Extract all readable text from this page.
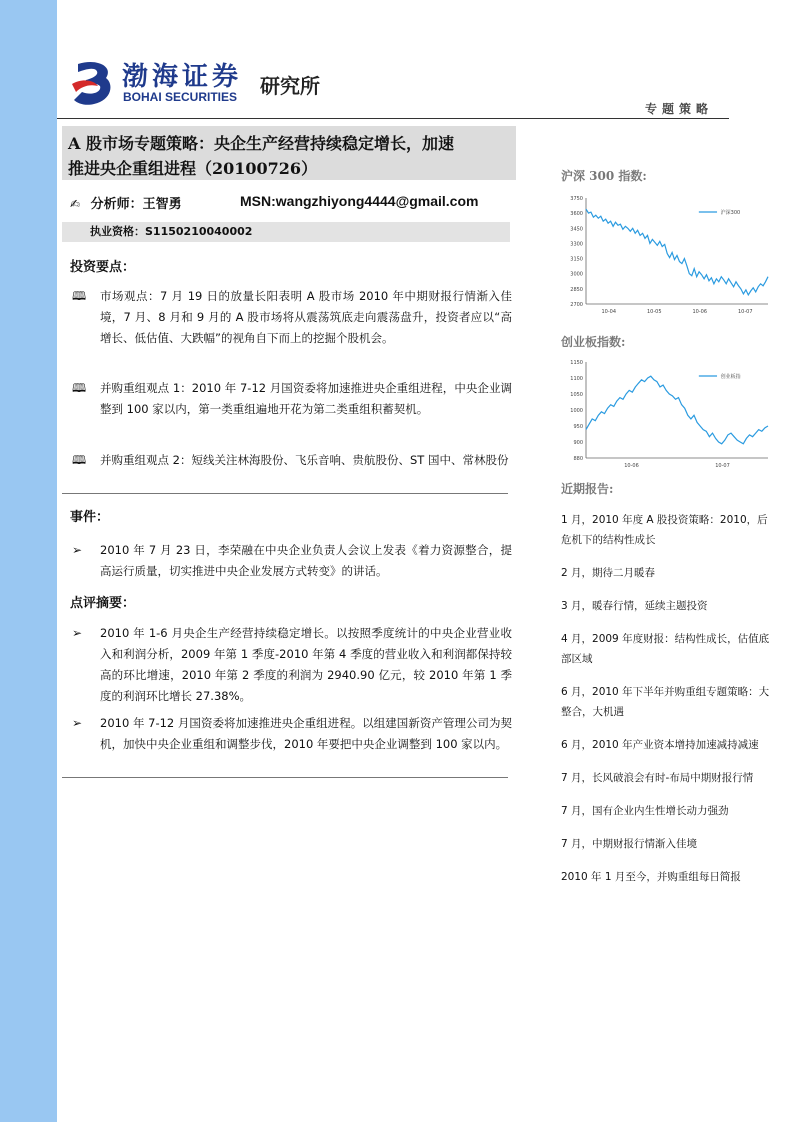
渤海证券
BOHAI SECURITIES 研究所
专题策略
A 股市场专题策略：央企生产经营持续稳定增长，加速
推进央企重组进程（20100726）
✍ 分析师：王智勇	MSN:wangzhiyong4444@gmail.com
执业资格：S1150210040002
投资要点：
🕮 市场观点：7 月 19 日的放量长阳表明 A 股市场 2010 年中期财报行情渐入佳境，7 月、8 月和 9 月的 A 股市场将从震荡筑底走向震荡盘升，投资者应以“高增长、低估值、大跌幅”的视角自下而上的挖掘个股机会。
🕮 并购重组观点 1：2010 年 7-12 月国资委将加速推进央企重组进程，中央企业调整到 100 家以内，第一类重组遍地开花为第二类重组积蓄契机。
🕮 并购重组观点 2：短线关注林海股份、飞乐音响、贵航股份、ST 国中、常林股份
事件：
➢ 2010 年 7 月 23 日，李荣融在中央企业负责人会议上发表《着力资源整合，提高运行质量，切实推进中央企业发展方式转变》的讲话。
点评摘要：
➢ 2010 年 1-6 月央企生产经营持续稳定增长。以按照季度统计的中央企业营业收入和利润分析，2009 年第 1 季度-2010 年第 4 季度的营业收入和利润都保持较高的环比增速，2010 年第 2 季度的利润为 2940.90 亿元，较 2010 年第 1 季度的利润环比增长 27.38%。
➢ 2010 年 7-12 月国资委将加速推进央企重组进程。以组建国新资产管理公司为契机，加快中央企业重组和调整步伐，2010 年要把中央企业调整到 100 家以内。
沪深 300 指数:
3750
3600
3450
3300
3150
3000
2850
2700
10-04	10-05	10-06	10-07
沪深300
创业板指数:
1150
1100
1050
1000
950
900
880
10-06	10-07
创业板指
近期报告:
1 月，2010 年度 A 股投资策略：2010，后危机下的结构性成长
2 月，期待二月暖春
3 月，暖春行情，延续主题投资
4 月，2009 年度财报：结构性成长，估值底部区域
6 月，2010 年下半年并购重组专题策略：大整合，大机遇
6 月，2010 年产业资本增持加速减持减速
7 月，长风破浪会有时-布局中期财报行情
7 月，国有企业内生性增长动力强劲
7 月，中期财报行情渐入佳境
2010 年 1 月至今，并购重组每日简报
